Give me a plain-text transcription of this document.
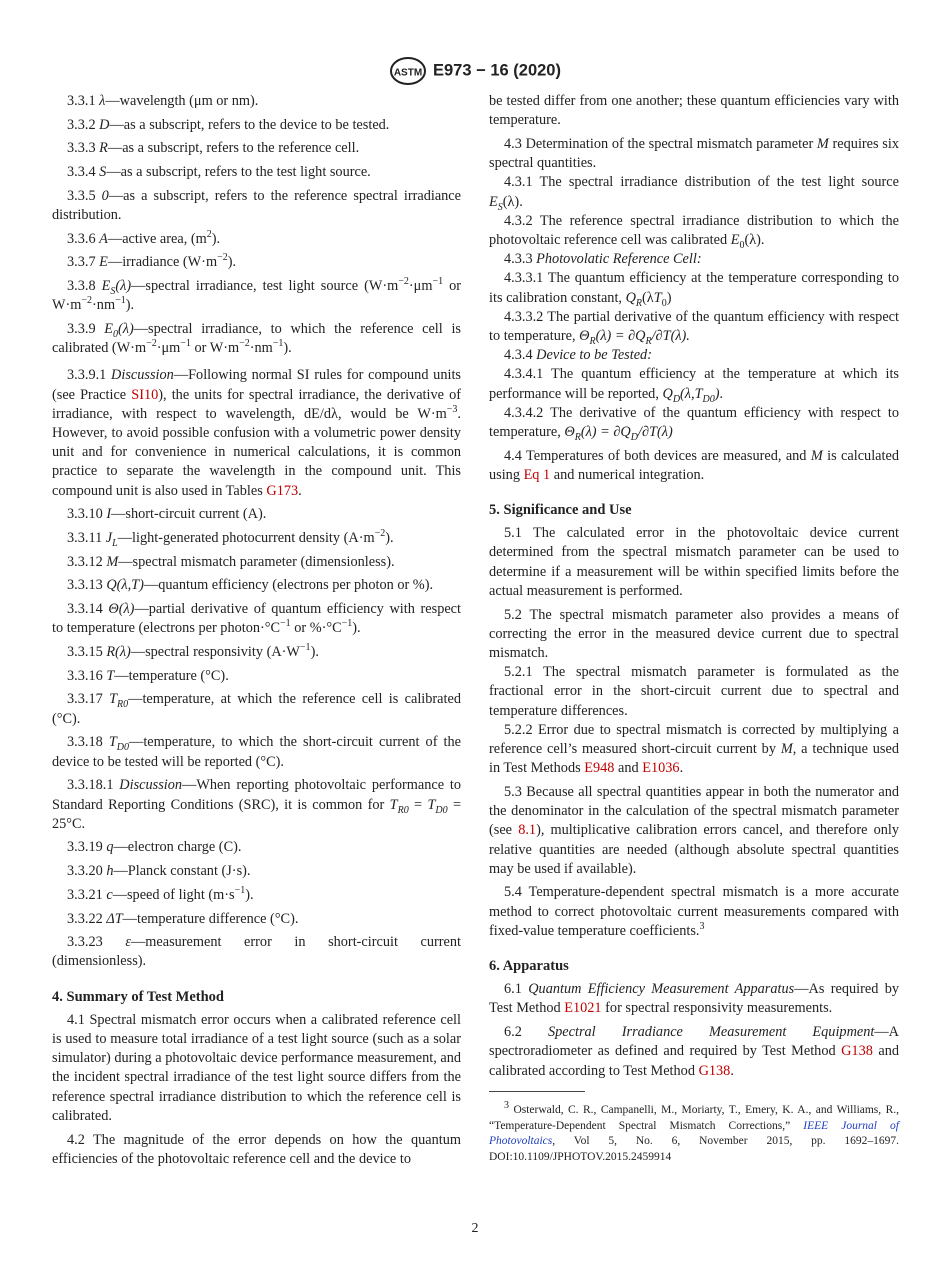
ASTM E973 − 16 (2020)

3.3.1 λ—wavelength (μm or nm).

3.3.2 D—as a subscript, refers to the device to be tested.

3.3.3 R—as a subscript, refers to the reference cell.

3.3.4 S—as a subscript, refers to the test light source.

3.3.5 0—as a subscript, refers to the reference spectral irradiance distribution.

3.3.6 A—active area, $(m^2)$.

3.3.7 E—irradiance $(W\cdot m^{-2})$.

3.3.8 $E_S(\lambda)—spectral$ irradiance, test light source ($W\cdot m^{-2}\cdot\mu m^{-1}$ or $W\cdot m^{-2}\cdot nm^{-1}$).

3.3.9 $E_0(\lambda)—spectral$ irradiance, to which the reference cell is calibrated ($W\cdot m^{-2}\cdot\mu m^{-1}$ or $W\cdot m^{-2}\cdot nm^{-1}$).

3.3.9.1 Discussion—Following normal SI rules for compound units (see Practice SI10), the units for spectral irradiance, the derivative of irradiance, with respect to wavelength, dE/dλ, would be $W\cdot m^{-3}$. However, to avoid possible confusion with a volumetric power density unit and for convenience in numerical calculations, it is common practice to separate the wavelength in the compound unit. This compound unit is also used in Tables G173.

3.3.10 I—short-circuit current (A).

3.3.11 $J_L—light$-generated photocurrent density $(A\cdot m^{-2})$.

3.3.12 M—spectral mismatch parameter (dimensionless).

3.3.13 Q(λ,T)—quantum efficiency (electrons per photon or %).

3.3.14 Θ(λ)—partial derivative of quantum efficiency with respect to temperature (electrons per $photon\cdot^\circ C^{-1}$ or $\%\cdot^\circ C^{-1}$).

3.3.15 R(λ)—spectral responsivity $(A\cdot W^{-1})$.

3.3.16 T—temperature (°C).

3.3.17 $T_{R0}—temperature$, at which the reference cell is calibrated (°C).

3.3.18 $T_{D0}—temperature$, to which the short-circuit current of the device to be tested will be reported (°C).

3.3.18.1 Discussion—When reporting photovoltaic performance to Standard Reporting Conditions (SRC), it is common for $T_{R0} = T_{D0} = 25^\circ C$.

3.3.19 q—electron charge (C).

3.3.20 h—Planck constant (J·s).

3.3.21 c—speed of light $(m\cdot s^{-1})$.

3.3.22 ΔT—temperature difference (°C).

3.3.23 ε—measurement error in short-circuit current (dimensionless).

4. Summary of Test Method

4.1 Spectral mismatch error occurs when a calibrated reference cell is used to measure total irradiance of a test light source (such as a solar simulator) during a photovoltaic device performance measurement, and the incident spectral irradiance of the test light source differs from the reference spectral irradiance distribution to which the reference cell is calibrated.

4.2 The magnitude of the error depends on how the quantum efficiencies of the photovoltaic reference cell and the device to

be tested differ from one another; these quantum efficiencies vary with temperature.

4.3 Determination of the spectral mismatch parameter M requires six spectral quantities.

4.3.1 The spectral irradiance distribution of the test light source $E_S(\lambda)$.

4.3.2 The reference spectral irradiance distribution to which the photovoltaic reference cell was calibrated $E_0(\lambda)$.

4.3.3 Photovolatic Reference Cell:

4.3.3.1 The quantum efficiency at the temperature corresponding to its calibration constant, $Q_R(\lambda T_0)$

4.3.3.2 The partial derivative of the quantum efficiency with respect to temperature, $\Theta_R(\lambda) = \partial Q_R/\partial T(\lambda)$.

4.3.4 Device to be Tested:

4.3.4.1 The quantum efficiency at the temperature at which its performance will be reported, $Q_D(\lambda,T_{D0})$.

4.3.4.2 The derivative of the quantum efficiency with respect to temperature, $\Theta_R(\lambda) = \partial Q_D/\partial T(\lambda)$

4.4 Temperatures of both devices are measured, and M is calculated using Eq 1 and numerical integration.

5. Significance and Use

5.1 The calculated error in the photovoltaic device current determined from the spectral mismatch parameter can be used to determine if a measurement will be within specified limits before the actual measurement is performed.

5.2 The spectral mismatch parameter also provides a means of correcting the error in the measured device current due to spectral mismatch.

5.2.1 The spectral mismatch parameter is formulated as the fractional error in the short-circuit current due to spectral and temperature differences.

5.2.2 Error due to spectral mismatch is corrected by multiplying a reference cell’s measured short-circuit current by M, a technique used in Test Methods E948 and E1036.

5.3 Because all spectral quantities appear in both the numerator and the denominator in the calculation of the spectral mismatch parameter (see 8.1), multiplicative calibration errors cancel, and therefore only relative quantities are needed (although absolute spectral quantities may be used if available).

5.4 Temperature-dependent spectral mismatch is a more accurate method to correct photovoltaic current measurements compared with fixed-value temperature coefficients.$^3$

6. Apparatus

6.1 Quantum Efficiency Measurement Apparatus—As required by Test Method E1021 for spectral responsivity measurements.

6.2 Spectral Irradiance Measurement Equipment—A spectroradiometer as defined and required by Test Method G138 and calibrated according to Test Method G138.

$^3$ Osterwald, C. R., Campanelli, M., Moriarty, T., Emery, K. A., and Williams, R., “Temperature-Dependent Spectral Mismatch Corrections,” IEEE Journal of Photovoltaics, Vol 5, No. 6, November 2015, pp. 1692–1697. DOI:10.1109/JPHOTOV.2015.2459914

2
